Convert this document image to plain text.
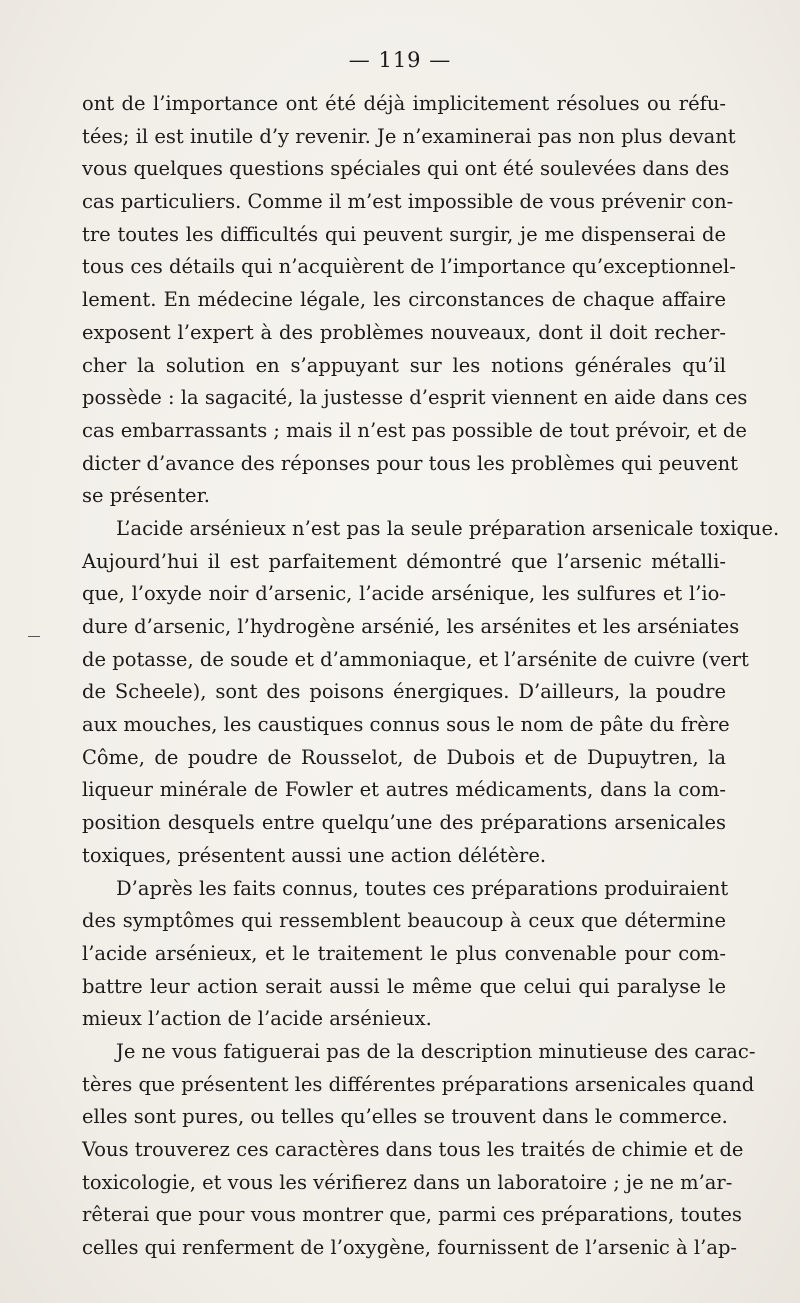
— 119 —
ont de l’importance ont été déjà implicitement résolues ou réfu-
tées; il est inutile d’y revenir. Je n’examinerai pas non plus devant
vous quelques questions spéciales qui ont été soulevées dans des
cas particuliers. Comme il m’est impossible de vous prévenir con-
tre toutes les difficultés qui peuvent surgir, je me dispenserai de
tous ces détails qui n’acquièrent de l’importance qu’exceptionnel-
lement. En médecine légale, les circonstances de chaque affaire
exposent l’expert à des problèmes nouveaux, dont il doit recher-
cher la solution en s’appuyant sur les notions générales qu’il
possède : la sagacité, la justesse d’esprit viennent en aide dans ces
cas embarrassants ; mais il n’est pas possible de tout prévoir, et de
dicter d’avance des réponses pour tous les problèmes qui peuvent
se présenter.
L’acide arsénieux n’est pas la seule préparation arsenicale toxique.
Aujourd’hui il est parfaitement démontré que l’arsenic métalli-
que, l’oxyde noir d’arsenic, l’acide arsénique, les sulfures et l’io-
dure d’arsenic, l’hydrogène arsénié, les arsénites et les arséniates
de potasse, de soude et d’ammoniaque, et l’arsénite de cuivre (vert
de Scheele), sont des poisons énergiques. D’ailleurs, la poudre
aux mouches, les caustiques connus sous le nom de pâte du frère
Côme, de poudre de Rousselot, de Dubois et de Dupuytren, la
liqueur minérale de Fowler et autres médicaments, dans la com-
position desquels entre quelqu’une des préparations arsenicales
toxiques, présentent aussi une action délétère.
D’après les faits connus, toutes ces préparations produiraient
des symptômes qui ressemblent beaucoup à ceux que détermine
l’acide arsénieux, et le traitement le plus convenable pour com-
battre leur action serait aussi le même que celui qui paralyse le
mieux l’action de l’acide arsénieux.
Je ne vous fatiguerai pas de la description minutieuse des carac-
tères que présentent les différentes préparations arsenicales quand
elles sont pures, ou telles qu’elles se trouvent dans le commerce.
Vous trouverez ces caractères dans tous les traités de chimie et de
toxicologie, et vous les vérifierez dans un laboratoire ; je ne m’ar-
rêterai que pour vous montrer que, parmi ces préparations, toutes
celles qui renferment de l’oxygène, fournissent de l’arsenic à l’ap-
